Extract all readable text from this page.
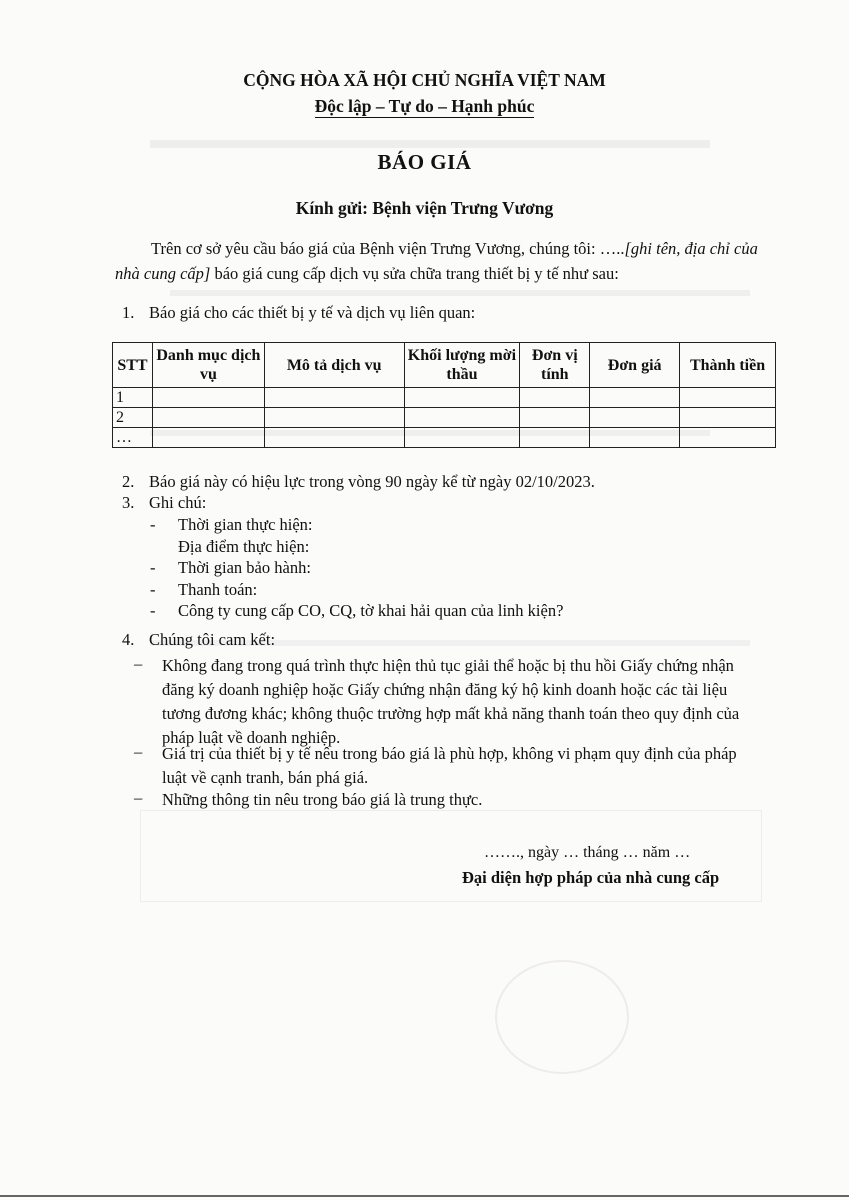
CỘNG HÒA XÃ HỘI CHỦ NGHĨA VIỆT NAM
Độc lập – Tự do – Hạnh phúc
BÁO GIÁ
Kính gửi: Bệnh viện Trưng Vương
Trên cơ sở yêu cầu báo giá của Bệnh viện Trưng Vương, chúng tôi: …..[ghi tên, địa chỉ của nhà cung cấp] báo giá cung cấp dịch vụ sửa chữa trang thiết bị y tế như sau:
1. Báo giá cho các thiết bị y tế và dịch vụ liên quan:
STT	Danh mục dịch vụ	Mô tả dịch vụ	Khối lượng mời thầu	Đơn vị tính	Đơn giá	Thành tiền
1						
2						
…						
2. Báo giá này có hiệu lực trong vòng 90 ngày kể từ ngày 02/10/2023.
3. Ghi chú:
- Thời gian thực hiện:
Địa điểm thực hiện:
- Thời gian bảo hành:
- Thanh toán:
- Công ty cung cấp CO, CQ, tờ khai hải quan của linh kiện?
4. Chúng tôi cam kết:
– Không đang trong quá trình thực hiện thủ tục giải thể hoặc bị thu hồi Giấy chứng nhận đăng ký doanh nghiệp hoặc Giấy chứng nhận đăng ký hộ kinh doanh hoặc các tài liệu tương đương khác; không thuộc trường hợp mất khả năng thanh toán theo quy định của pháp luật về doanh nghiệp.
– Giá trị của thiết bị y tế nêu trong báo giá là phù hợp, không vi phạm quy định của pháp luật về cạnh tranh, bán phá giá.
– Những thông tin nêu trong báo giá là trung thực.
……., ngày … tháng … năm …
Đại diện hợp pháp của nhà cung cấp
